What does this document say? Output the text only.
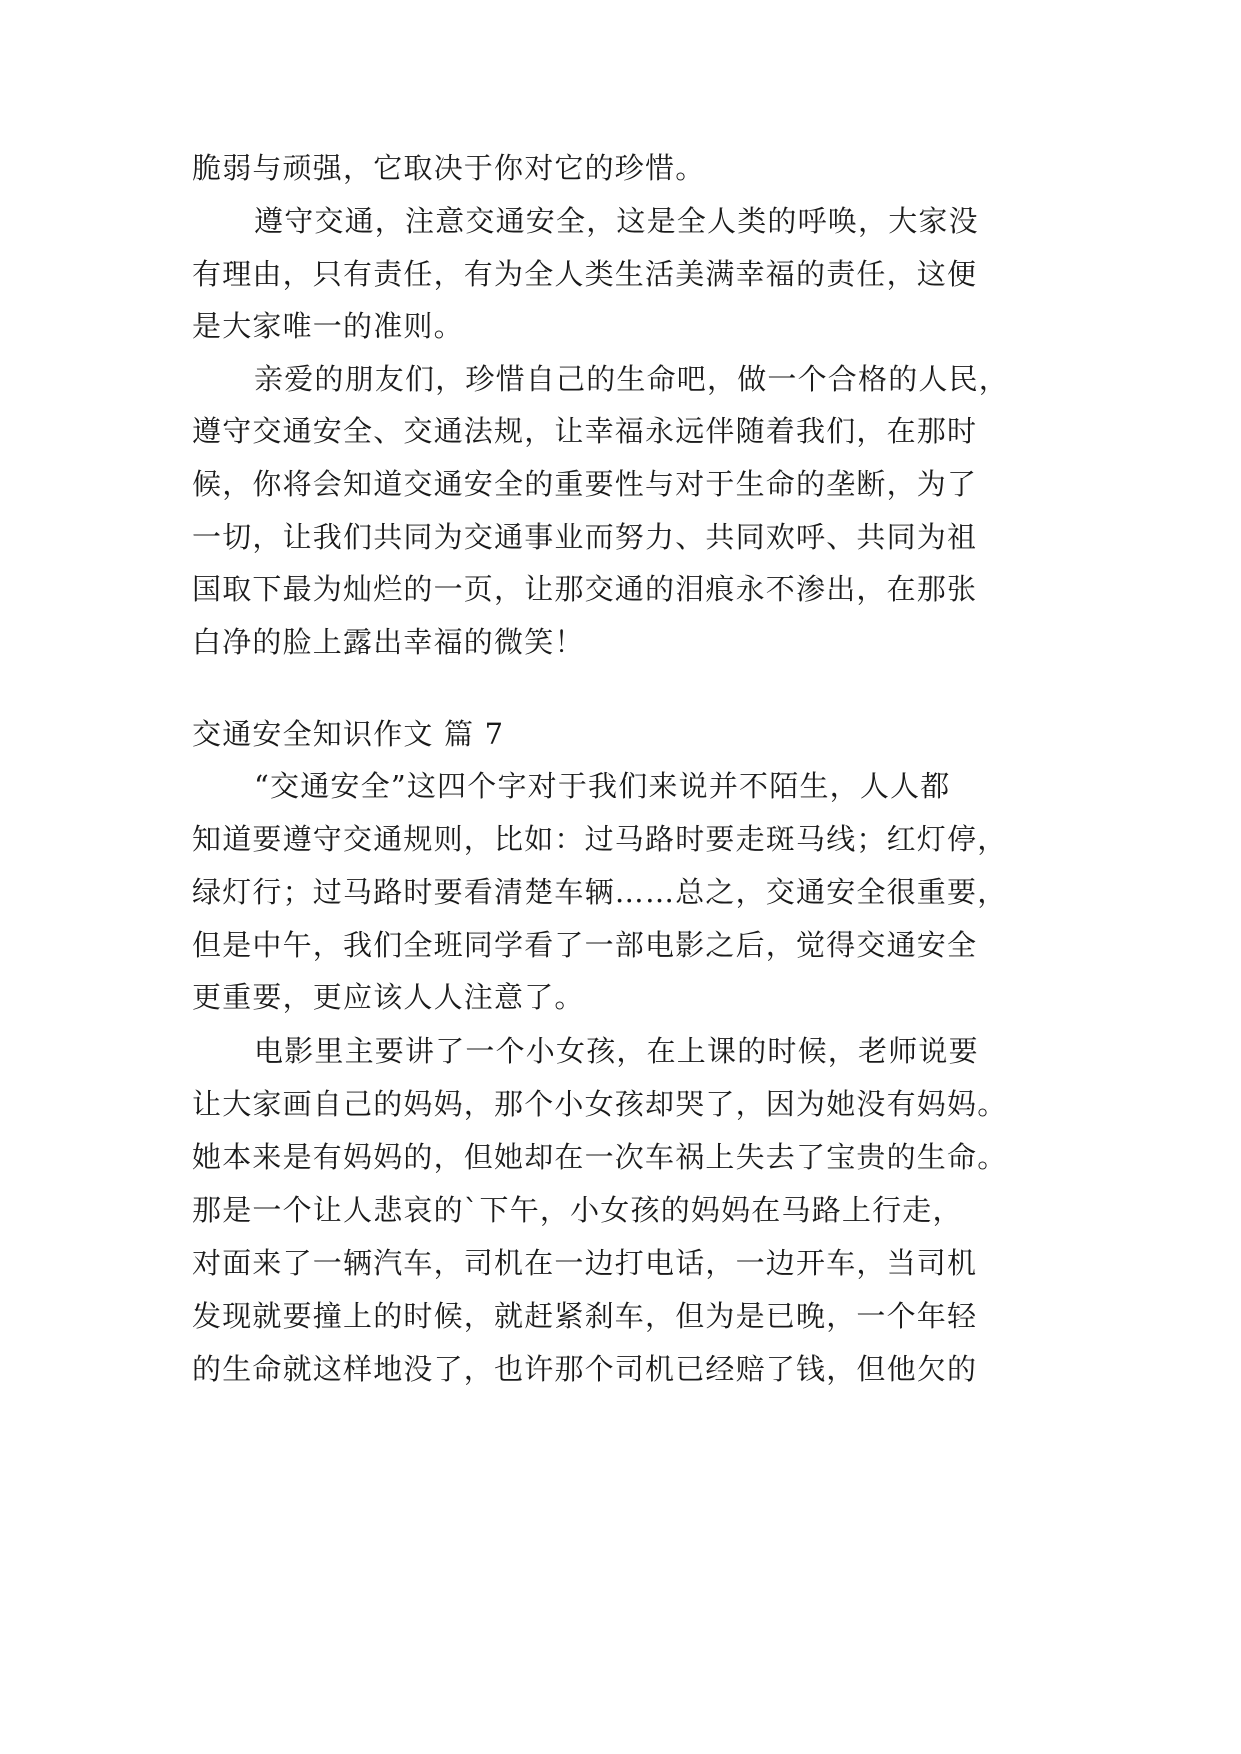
脆弱与顽强，它取决于你对它的珍惜。
遵守交通，注意交通安全，这是全人类的呼唤，大家没
有理由，只有责任，有为全人类生活美满幸福的责任，这便
是大家唯一的准则。
亲爱的朋友们，珍惜自己的生命吧，做一个合格的人民，
遵守交通安全、交通法规，让幸福永远伴随着我们，在那时
候，你将会知道交通安全的重要性与对于生命的垄断，为了
一切，让我们共同为交通事业而努力、共同欢呼、共同为祖
国取下最为灿烂的一页，让那交通的泪痕永不渗出，在那张
白净的脸上露出幸福的微笑！
交通安全知识作文 篇 7
“交通安全”这四个字对于我们来说并不陌生，人人都
知道要遵守交通规则，比如：过马路时要走斑马线；红灯停，
绿灯行；过马路时要看清楚车辆……总之，交通安全很重要，
但是中午，我们全班同学看了一部电影之后，觉得交通安全
更重要，更应该人人注意了。
电影里主要讲了一个小女孩，在上课的时候，老师说要
让大家画自己的妈妈，那个小女孩却哭了，因为她没有妈妈。
她本来是有妈妈的，但她却在一次车祸上失去了宝贵的生命。
那是一个让人悲哀的`下午，小女孩的妈妈在马路上行走，
对面来了一辆汽车，司机在一边打电话，一边开车，当司机
发现就要撞上的时候，就赶紧刹车，但为是已晚，一个年轻
的生命就这样地没了，也许那个司机已经赔了钱，但他欠的
